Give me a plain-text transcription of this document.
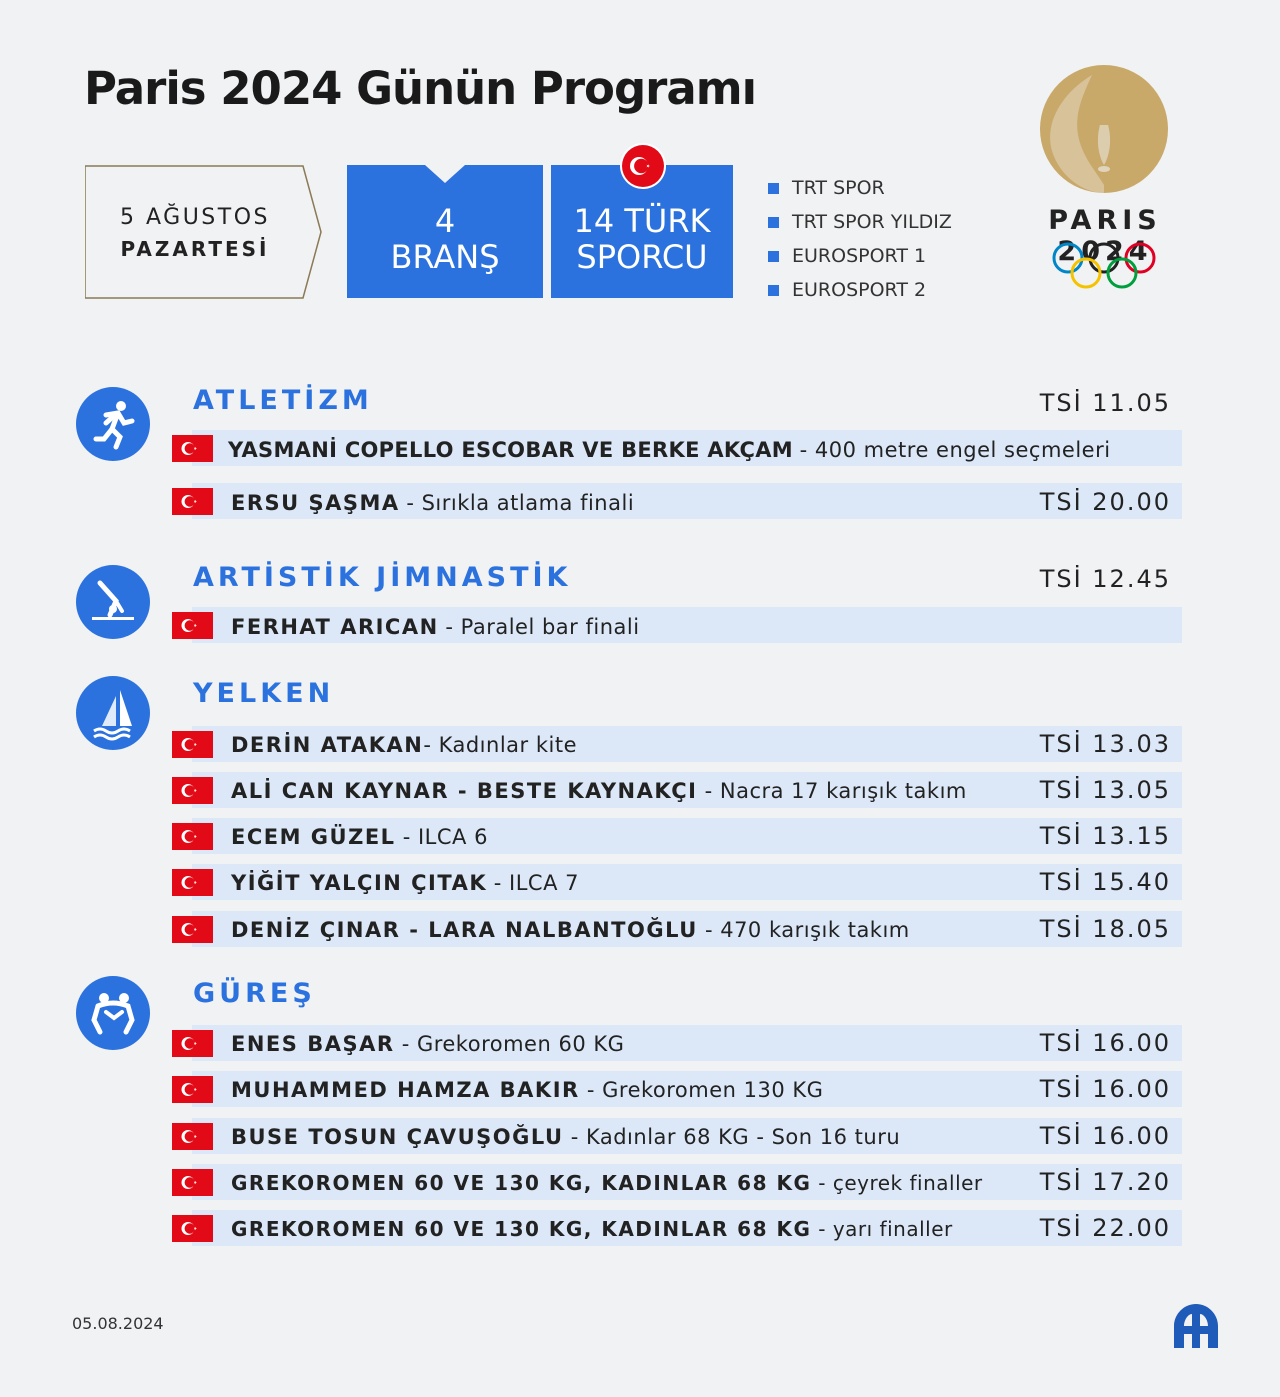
Paris 2024 Günün Programı
5 AĞUSTOS
PAZARTESİ
4
BRANŞ
14 TÜRK
SPORCU
TRT SPOR
TRT SPOR YILDIZ
EUROSPORT 1
EUROSPORT 2
PARIS 2024
ATLETİZM	TSİ 11.05
YASMANİ COPELLO ESCOBAR VE BERKE AKÇAM - 400 metre engel seçmeleri
ERSU ŞAŞMA - Sırıkla atlama finali	TSİ 20.00
ARTİSTİK JİMNASTİK	TSİ 12.45
FERHAT ARICAN - Paralel bar finali
YELKEN
DERİN ATAKAN- Kadınlar kite	TSİ 13.03
ALİ CAN KAYNAR - BESTE KAYNAKÇI - Nacra 17 karışık takım	TSİ 13.05
ECEM GÜZEL - ILCA 6	TSİ 13.15
YİĞİT YALÇIN ÇITAK - ILCA 7	TSİ 15.40
DENİZ ÇINAR - LARA NALBANTOĞLU - 470 karışık takım	TSİ 18.05
GÜREŞ
ENES BAŞAR - Grekoromen 60 KG	TSİ 16.00
MUHAMMED HAMZA BAKIR - Grekoromen 130 KG	TSİ 16.00
BUSE TOSUN ÇAVUŞOĞLU - Kadınlar 68 KG - Son 16 turu	TSİ 16.00
GREKOROMEN 60 VE 130 KG, KADINLAR 68 KG - çeyrek finaller TSİ 17.20
GREKOROMEN 60 VE 130 KG, KADINLAR 68 KG - yarı finaller	TSİ 22.00
05.08.2024
